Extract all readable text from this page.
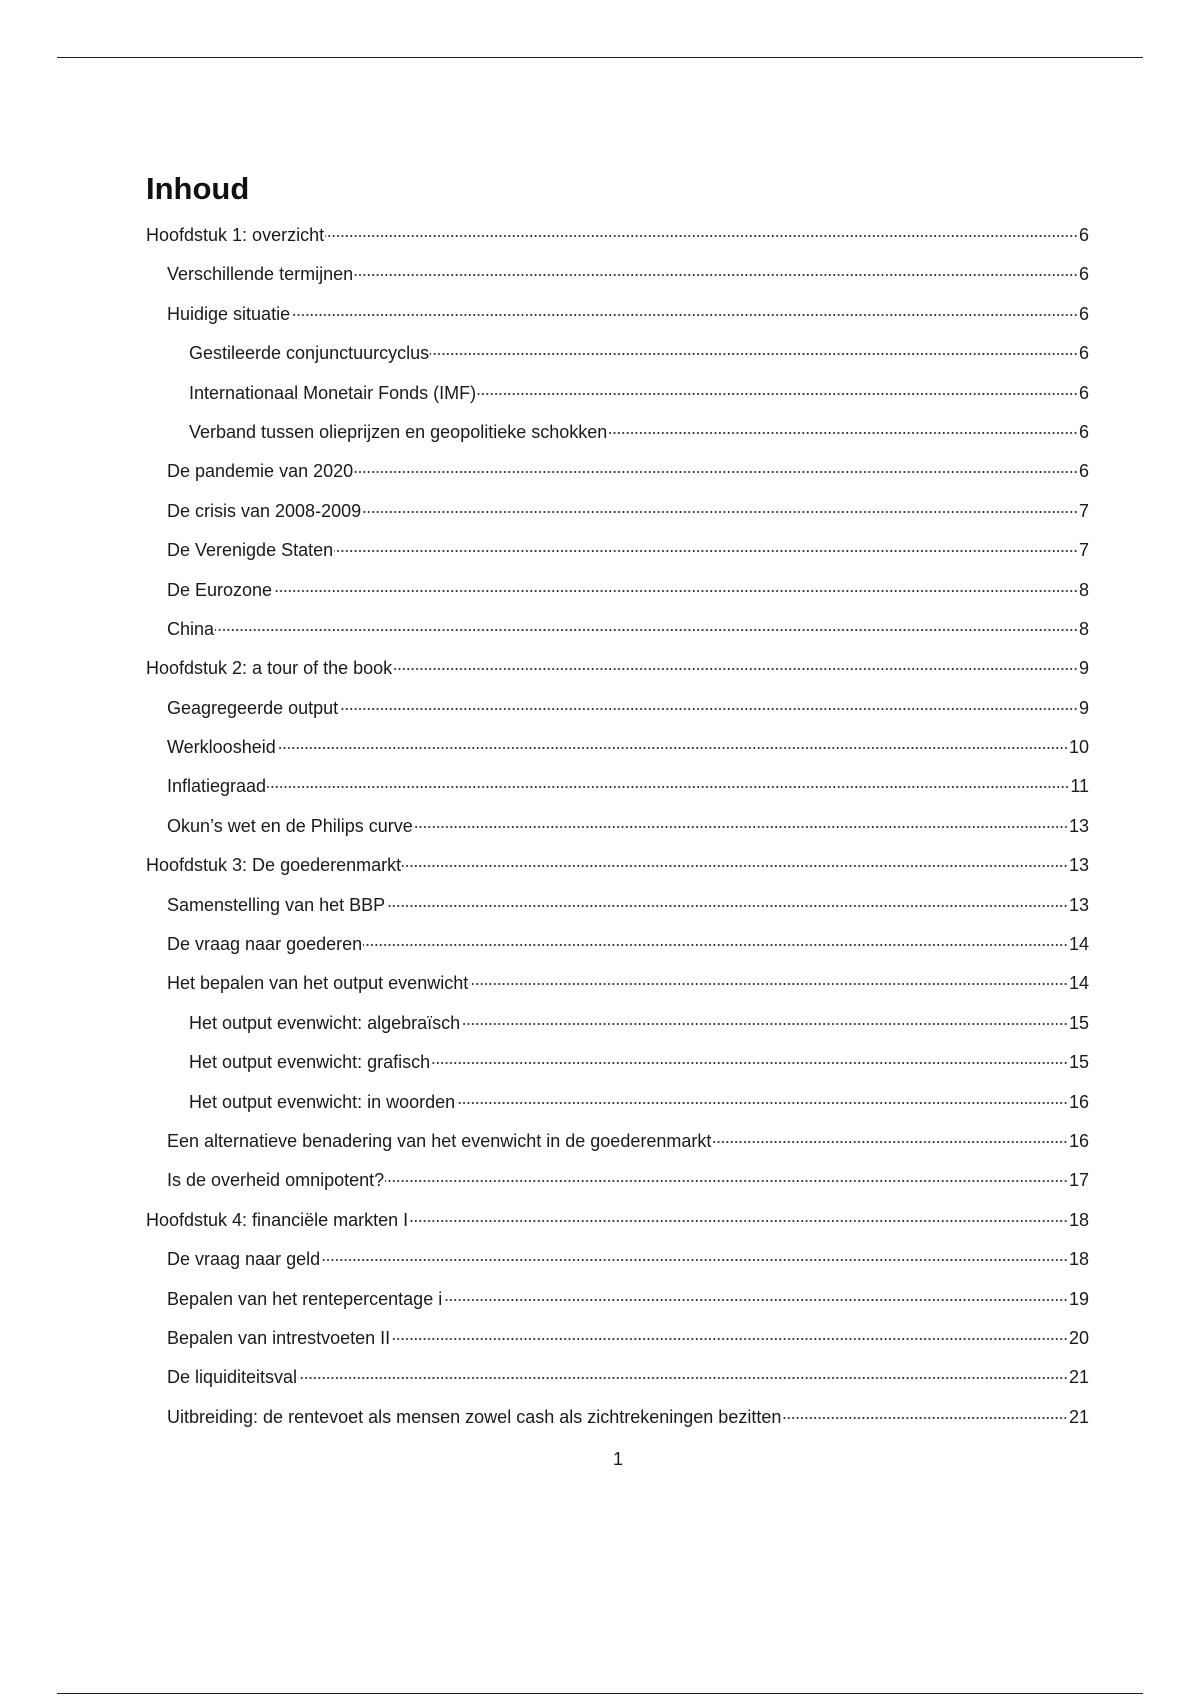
Inhoud
Hoofdstuk 1: overzicht	6
Verschillende termijnen	6
Huidige situatie	6
Gestileerde conjunctuurcyclus	6
Internationaal Monetair Fonds (IMF)	6
Verband tussen olieprijzen en geopolitieke schokken	6
De pandemie van 2020	6
De crisis van 2008-2009	7
De Verenigde Staten	7
De Eurozone	8
China	8
Hoofdstuk 2: a tour of the book	9
Geagregeerde output	9
Werkloosheid	10
Inflatiegraad	11
Okun’s wet en de Philips curve	13
Hoofdstuk 3: De goederenmarkt	13
Samenstelling van het BBP	13
De vraag naar goederen	14
Het bepalen van het output evenwicht	14
Het output evenwicht: algebraïsch	15
Het output evenwicht: grafisch	15
Het output evenwicht: in woorden	16
Een alternatieve benadering van het evenwicht in de goederenmarkt	16
Is de overheid omnipotent?	17
Hoofdstuk 4: financiële markten I	18
De vraag naar geld	18
Bepalen van het rentepercentage i	19
Bepalen van intrestvoeten II	20
De liquiditeitsval	21
Uitbreiding: de rentevoet als mensen zowel cash als zichtrekeningen bezitten	21
1
